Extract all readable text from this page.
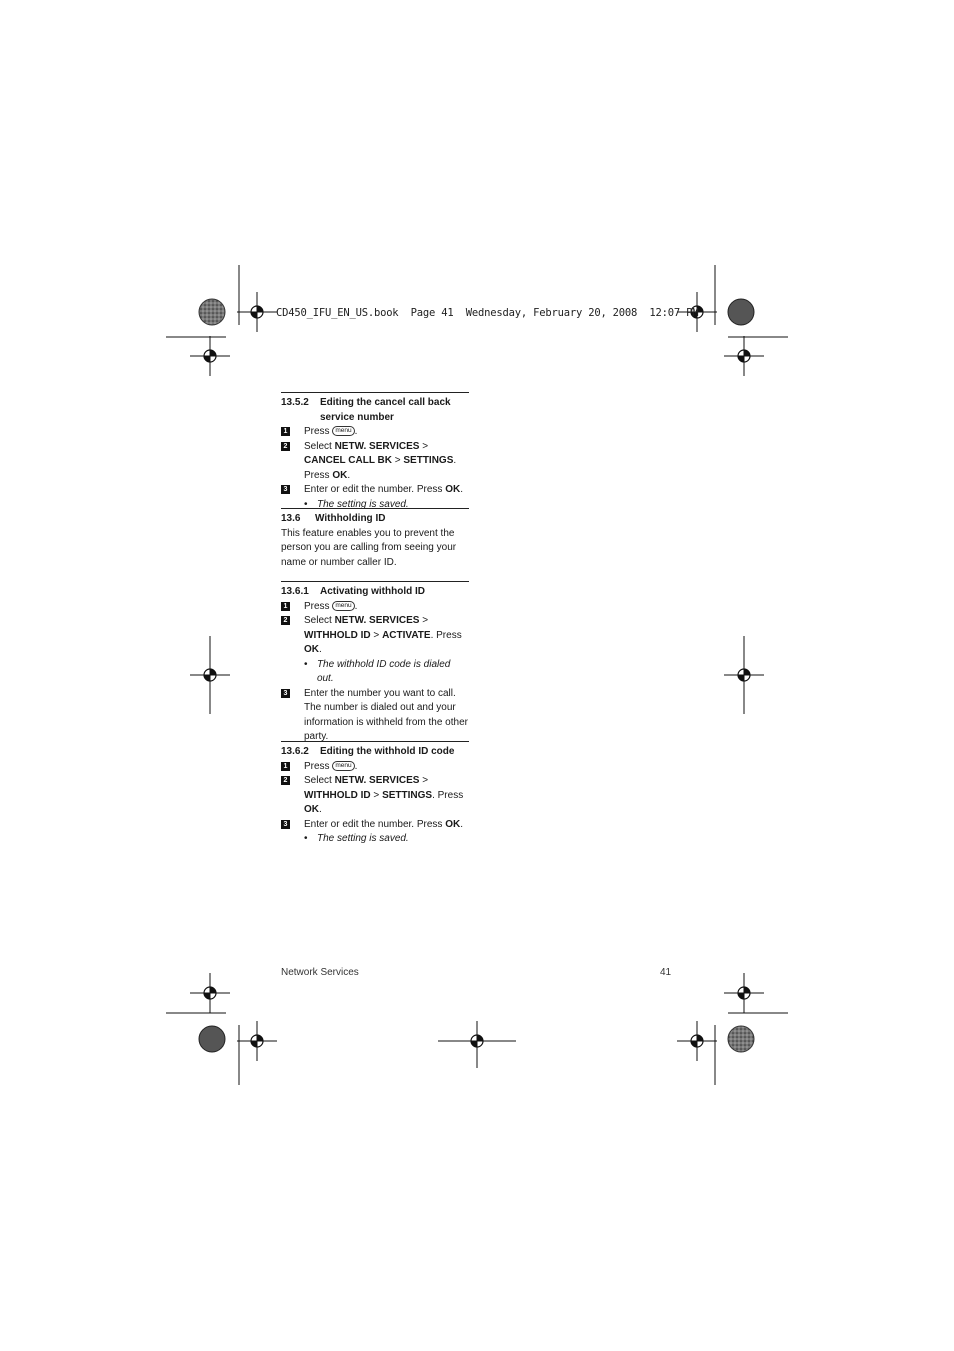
CD450_IFU_EN_US.book  Page 41  Wednesday, February 20, 2008  12:07 PM
13.5.2	Editing the cancel call back service number
1 Press menu .
2 Select NETW. SERVICES > CANCEL CALL BK > SETTINGS. Press OK.
3 Enter or edit the number. Press OK.
• The setting is saved.
13.6	Withholding ID
This feature enables you to prevent the person you are calling from seeing your name or number caller ID.
13.6.1	Activating withhold ID
1 Press menu .
2 Select NETW. SERVICES > WITHHOLD ID > ACTIVATE. Press OK.
• The withhold ID code is dialed out.
3 Enter the number you want to call. The number is dialed out and your information is withheld from the other party.
13.6.2	Editing the withhold ID code
1 Press menu .
2 Select NETW. SERVICES > WITHHOLD ID > SETTINGS. Press OK.
3 Enter or edit the number. Press OK.
• The setting is saved.
Network Services	41
